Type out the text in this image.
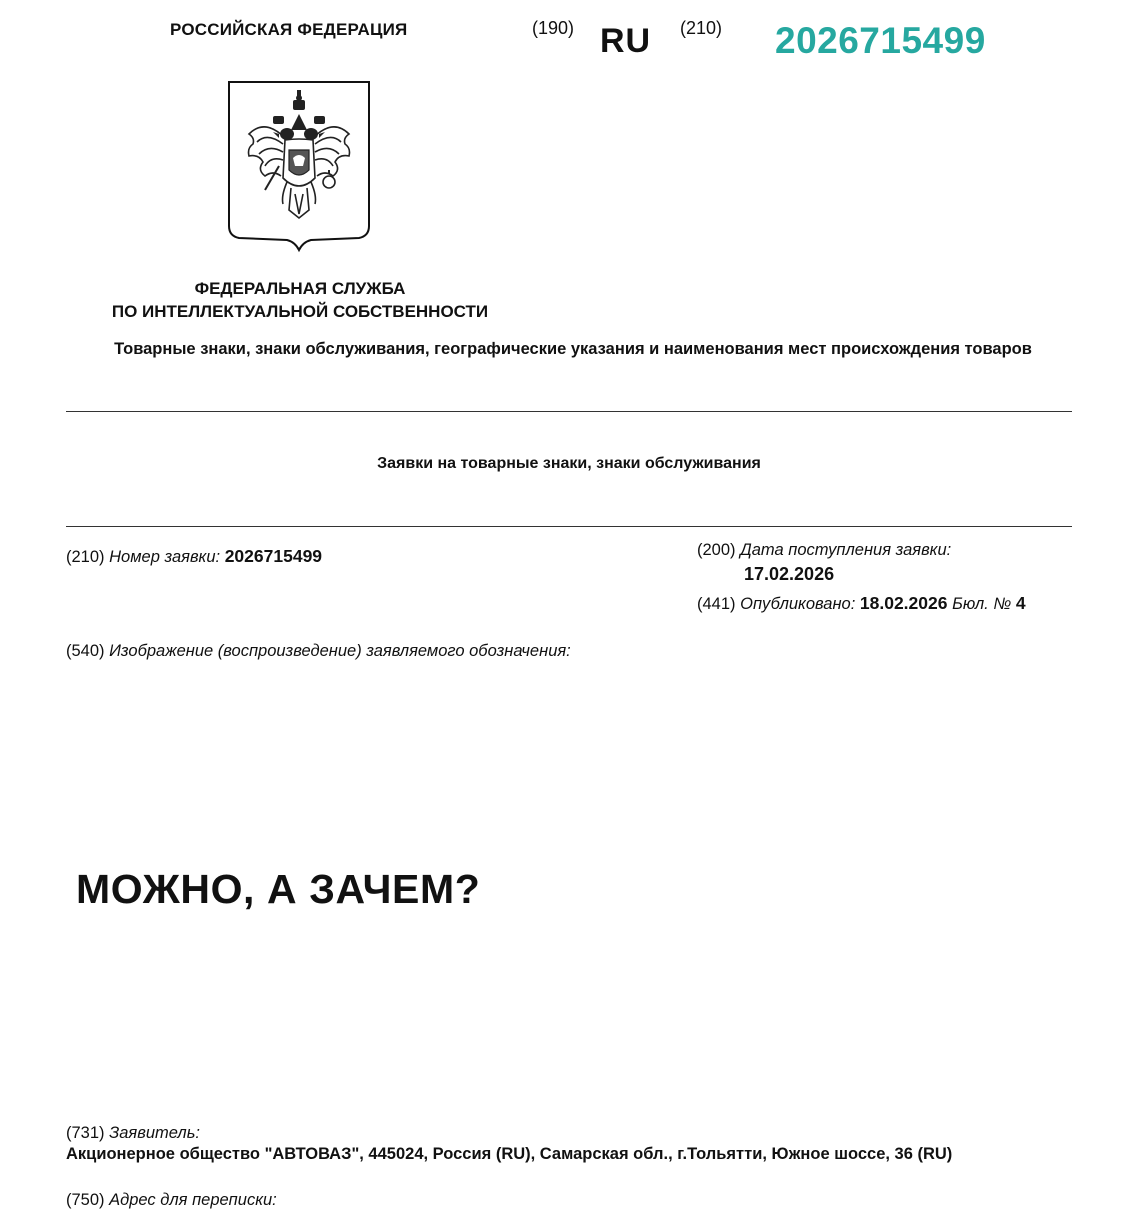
РОССИЙСКАЯ ФЕДЕРАЦИЯ	(190) RU (210) 2026715499
ФЕДЕРАЛЬНАЯ СЛУЖБА
ПО ИНТЕЛЛЕКТУАЛЬНОЙ СОБСТВЕННОСТИ
Товарные знаки, знаки обслуживания, географические указания и наименования мест происхождения товаров
Заявки на товарные знаки, знаки обслуживания
(210) Номер заявки: 2026715499	(200) Дата поступления заявки:
17.02.2026
(441) Опубликовано: 18.02.2026 Бюл. № 4
(540) Изображение (воспроизведение) заявляемого обозначения:
МОЖНО, А ЗАЧЕМ?
(731) Заявитель:
Акционерное общество "АВТОВАЗ", 445024, Россия (RU), Самарская обл., г.Тольятти, Южное шоссе, 36 (RU)
(750) Адрес для переписки:
